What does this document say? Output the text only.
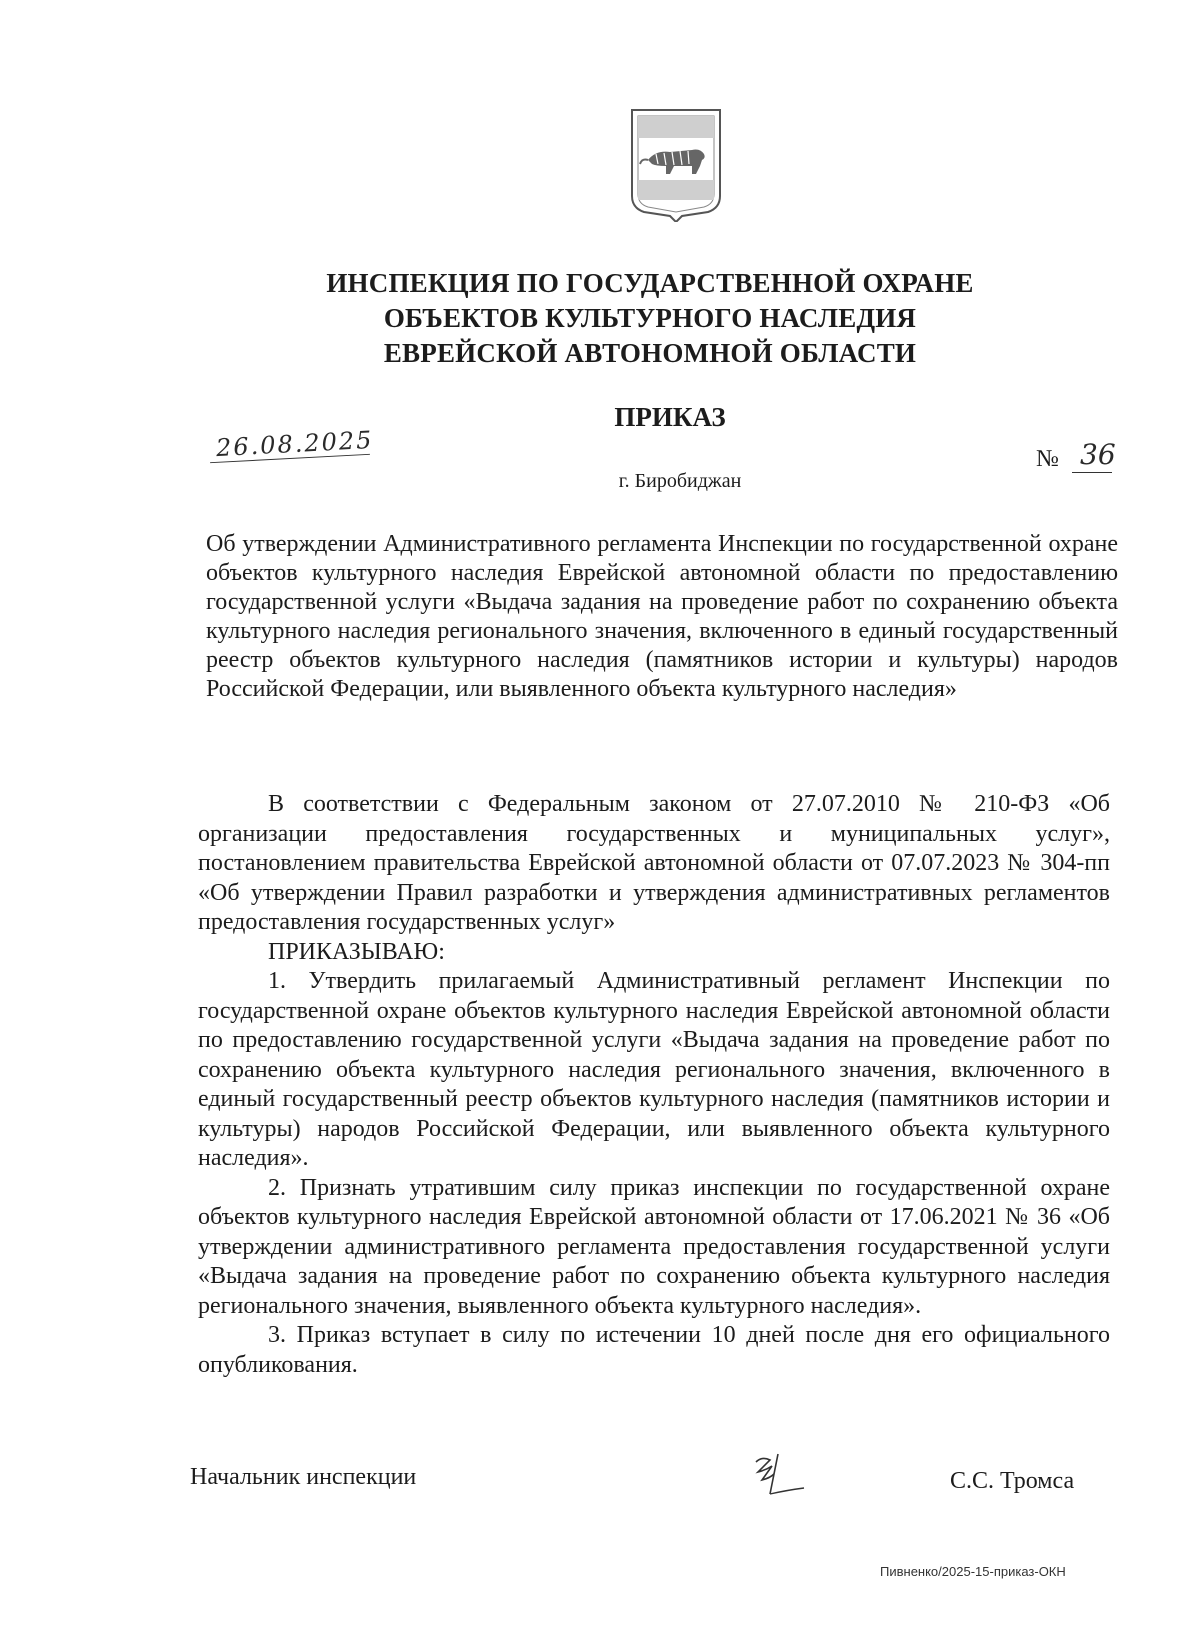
ИНСПЕКЦИЯ ПО ГОСУДАРСТВЕННОЙ ОХРАНЕ
ОБЪЕКТОВ КУЛЬТУРНОГО НАСЛЕДИЯ
ЕВРЕЙСКОЙ АВТОНОМНОЙ ОБЛАСТИ
ПРИКАЗ
26.08.2025	№ 36
г. Биробиджан
Об утверждении Административного регламента Инспекции по государственной охране объектов культурного наследия Еврейской автономной области по предоставлению государственной услуги «Выдача задания на проведение работ по сохранению объекта культурного наследия регионального значения, включенного в единый государственный реестр объектов культурного наследия (памятников истории и культуры) народов Российской Федерации, или выявленного объекта культурного наследия»

В соответствии с Федеральным законом от 27.07.2010 № 210-ФЗ «Об организации предоставления государственных и муниципальных услуг», постановлением правительства Еврейской автономной области от 07.07.2023 № 304-пп «Об утверждении Правил разработки и утверждения административных регламентов предоставления государственных услуг»

ПРИКАЗЫВАЮ:

1. Утвердить прилагаемый Административный регламент Инспекции по государственной охране объектов культурного наследия Еврейской автономной области по предоставлению государственной услуги «Выдача задания на проведение работ по сохранению объекта культурного наследия регионального значения, включенного в единый государственный реестр объектов культурного наследия (памятников истории и культуры) народов Российской Федерации, или выявленного объекта культурного наследия».

2. Признать утратившим силу приказ инспекции по государственной охране объектов культурного наследия Еврейской автономной области от 17.06.2021 № 36 «Об утверждении административного регламента предоставления государственной услуги «Выдача задания на проведение работ по сохранению объекта культурного наследия регионального значения, выявленного объекта культурного наследия».

3. Приказ вступает в силу по истечении 10 дней после дня его официального опубликования.

Начальник инспекции	С.С. Тромса
Пивненко/2025-15-приказ-ОКН
